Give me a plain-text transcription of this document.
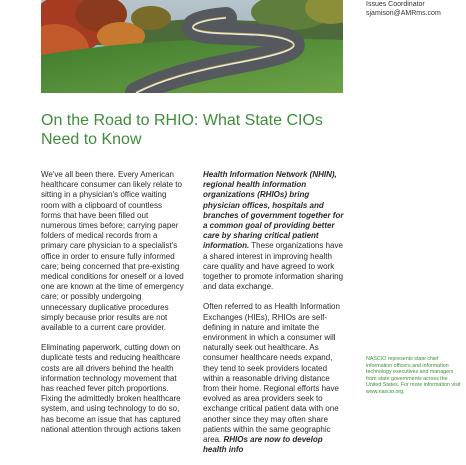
Issues Coordinator
sjamison@AMRms.com
On the Road to RHIO: What State CIOs Need to Know

We've all been there. Every American healthcare consumer can likely relate to sitting in a physician's office waiting room with a clipboard of countless forms that have been filled out numerous times before; carrying paper folders of medical records from a primary care physician to a specialist's office in order to ensure fully informed care; being concerned that pre-existing medical conditions for oneself or a loved one are known at the time of emergency care; or possibly undergoing unnecessary duplicative procedures simply because prior results are not available to a current care provider.

Eliminating paperwork, cutting down on duplicate tests and reducing healthcare costs are all drivers behind the health information technology movement that has reached fever pitch proportions. Fixing the admittedly broken healthcare system, and using technology to do so, has become an issue that has captured national attention through actions taken

Health Information Network (NHIN), regional health information organizations (RHIOs) bring physician offices, hospitals and branches of government together for a common goal of providing better care by sharing critical patient information. These organizations have a shared interest in improving health care quality and have agreed to work together to promote information sharing and data exchange.

Often referred to as Health Information Exchanges (HIEs), RHIOs are self-defining in nature and imitate the environment in which a consumer will naturally seek out healthcare. As consumer healthcare needs expand, they tend to seek providers located within a reasonable driving distance from their home. Regional efforts have evolved as area providers seek to exchange critical patient data with one another since they may often share patients within the same geographic area. RHIOs are now to develop health info

NASCIO represents state chief information officers and information technology executives and managers from state governments across the United States. For more information visit www.nascio.org.
